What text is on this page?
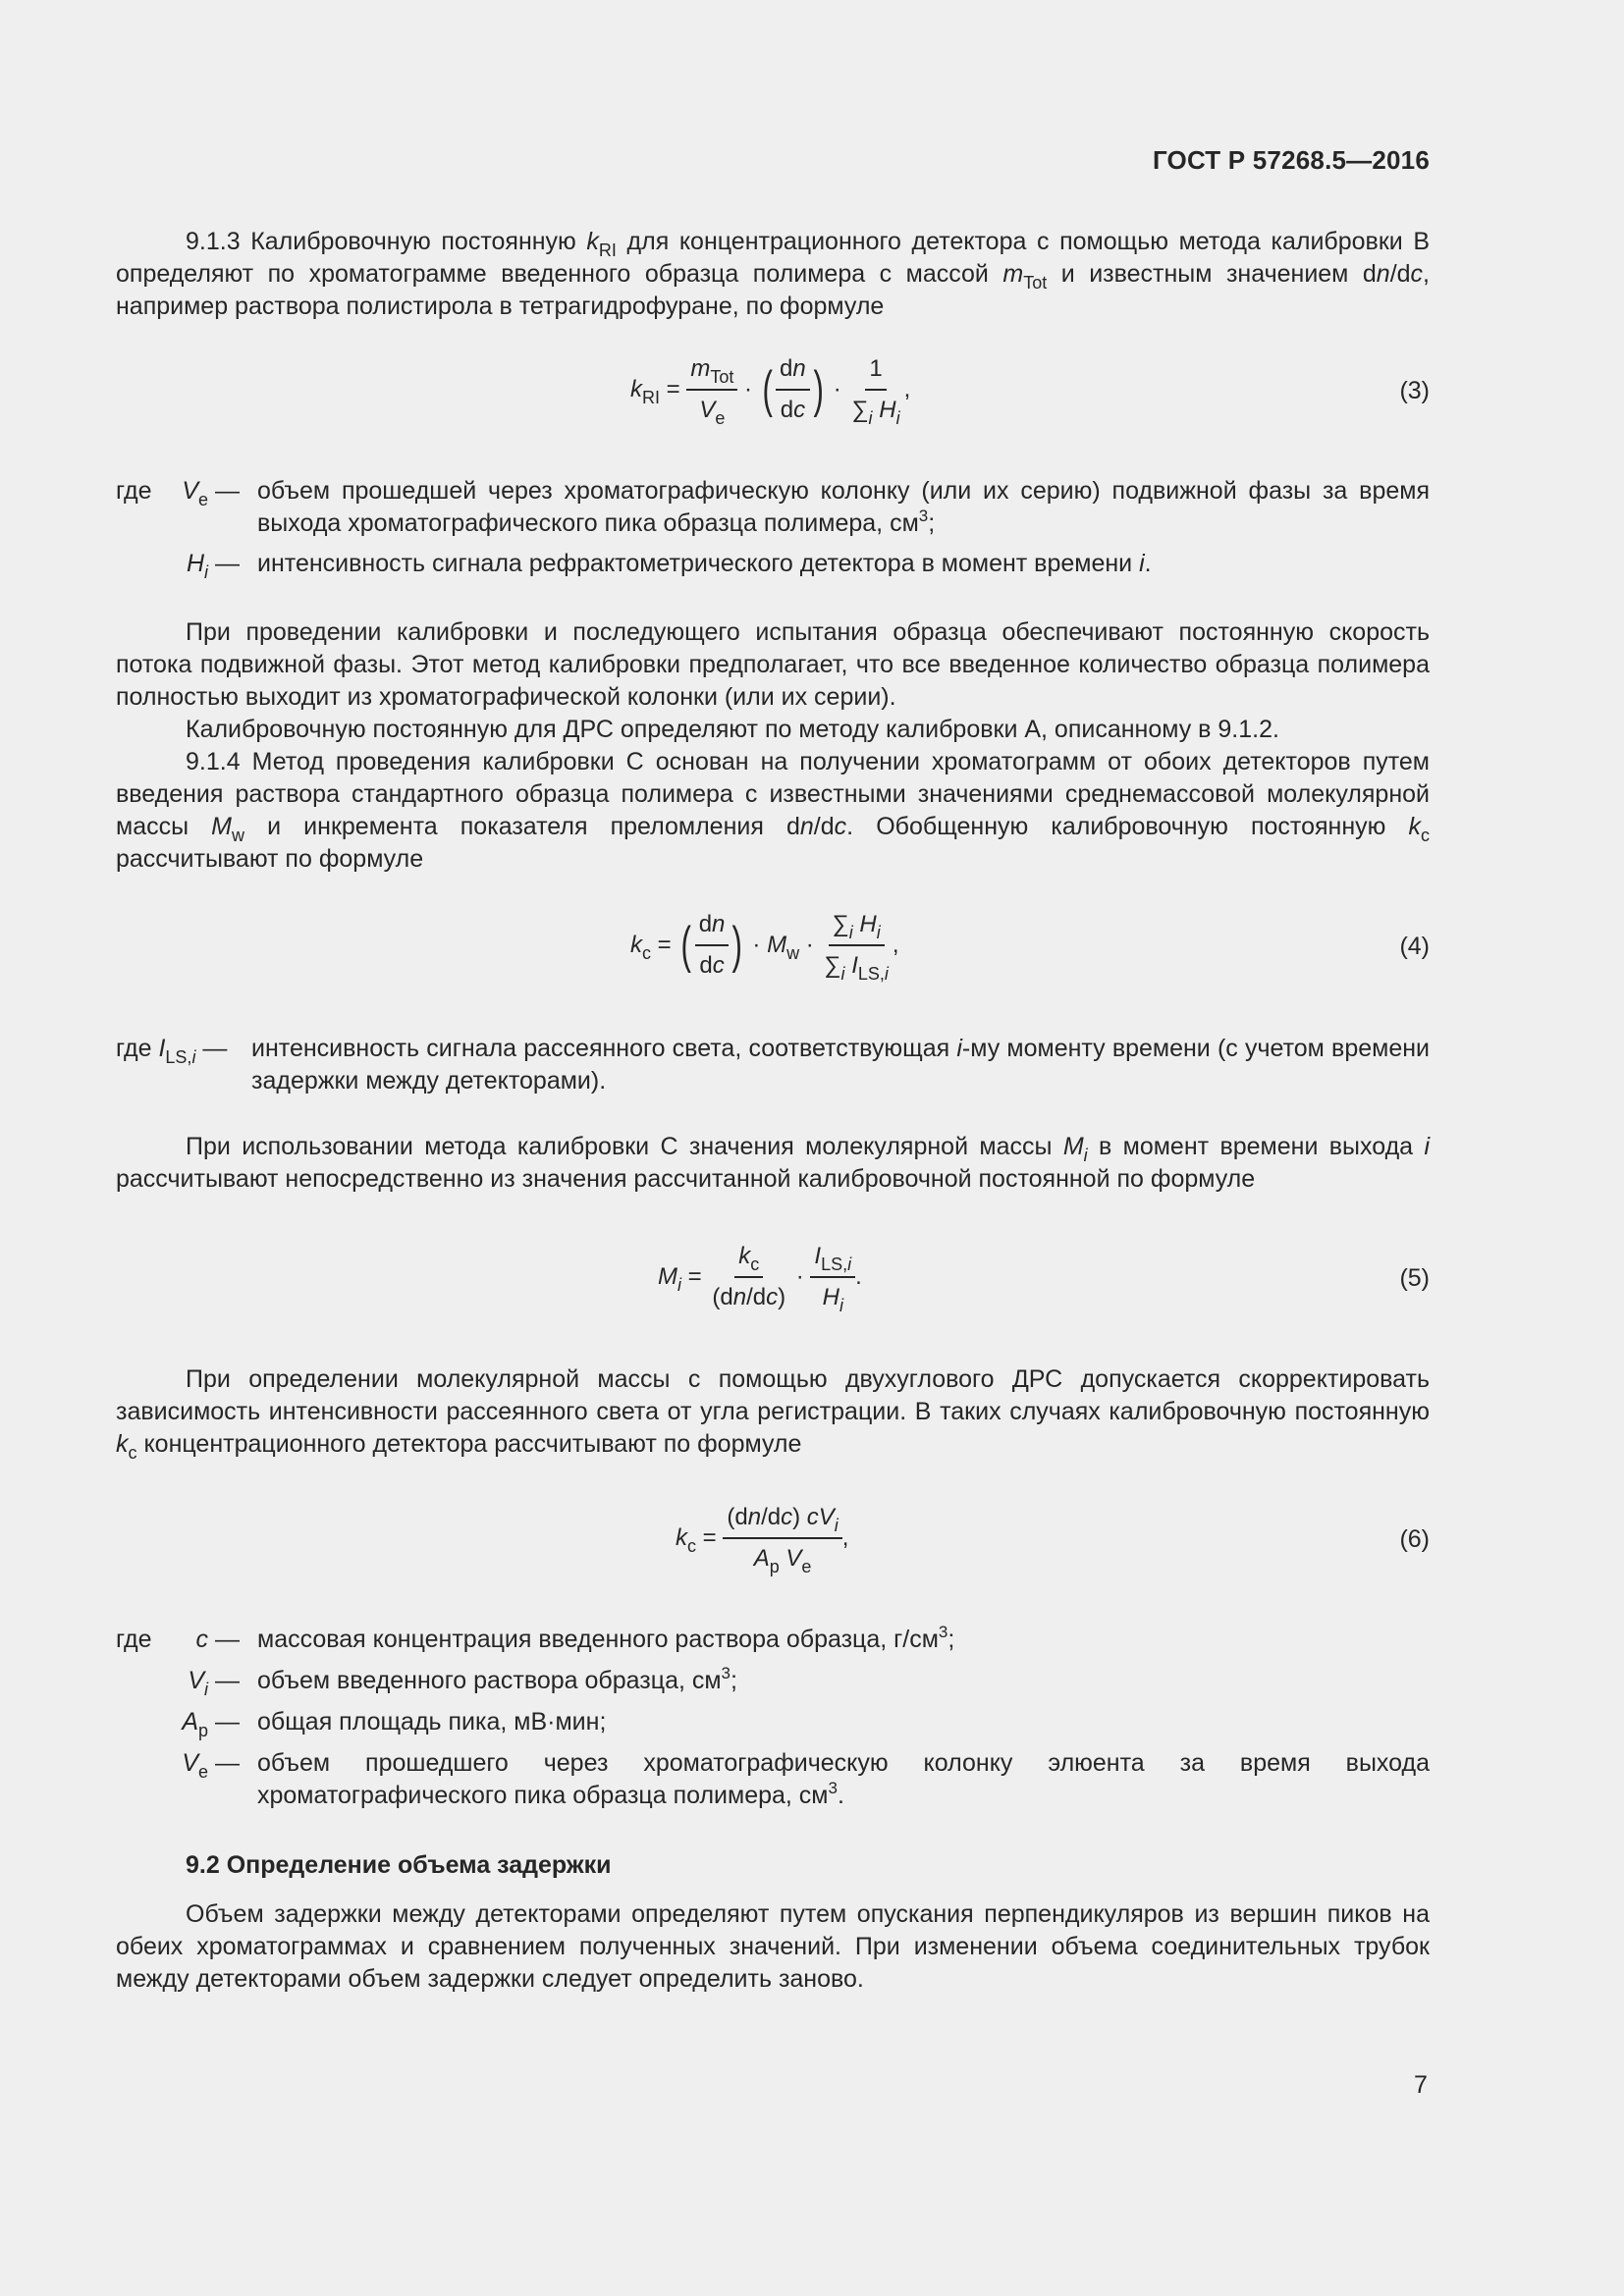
ГОСТ Р 57268.5—2016

9.1.3 Калибровочную постоянную $k_{RI}$ для концентрационного детектора с помощью метода калибровки В определяют по хроматограмме введенного образца полимера с массой $m_{Tot}$ и известным значением dn/dc, например раствора полистирола в тетрагидрофуране, по формуле

$k_{RI} = \frac{m_{Tot}}{V_e}$ · ( $\frac{dn}{dc}$ ) · $\frac{1}{\sum_i H_i}$ ,	(3)
где $V_e$ — объем прошедшей через хроматографическую колонку (или их серию) подвижной фазы за время выхода хроматографического пика образца полимера, $см^3$;
$H_i$ — интенсивность сигнала рефрактометрического детектора в момент времени i.

При проведении калибровки и последующего испытания образца обеспечивают постоянную скорость потока подвижной фазы. Этот метод калибровки предполагает, что все введенное количество образца полимера полностью выходит из хроматографической колонки (или их серии).

Калибровочную постоянную для ДРС определяют по методу калибровки А, описанному в 9.1.2.

9.1.4 Метод проведения калибровки С основан на получении хроматограмм от обоих детекторов путем введения раствора стандартного образца полимера с известными значениями среднемассовой молекулярной массы $M_w$ и инкремента показателя преломления dn/dc. Обобщенную калибровочную постоянную $k_c$ рассчитывают по формуле

$k_c$ = ( $\frac{dn}{dc}$ ) · $M_w \cdot \frac{\sum_i H_i}{\sum_i I_{LS,i}}$ ,	(4)
где $I_{LS,i}$ — интенсивность сигнала рассеянного света, соответствующая i-му моменту времени (с учетом времени задержки между детекторами).

При использовании метода калибровки С значения молекулярной массы $M_i$ в момент времени выхода i рассчитывают непосредственно из значения рассчитанной калибровочной постоянной по формуле

$M_i = \frac{k_c}{(dn/dc)} \cdot \frac{I_{LS,i}}{H_i}$ .	(5)

При определении молекулярной массы с помощью двухуглового ДРС допускается скорректировать зависимость интенсивности рассеянного света от угла регистрации. В таких случаях калибровочную постоянную $k_c$ концентрационного детектора рассчитывают по формуле

$k_c = \frac{(dn/dc) cV_i}{A_p V_e}$ ,	(6)
где	c — массовая концентрация введенного раствора образца, $г/см^3$;
$V_i$ — объем введенного раствора образца, $см^3$;
$A_p$ — общая площадь пика, мВ·мин;
$V_e$ — объем прошедшего через хроматографическую колонку элюента за время выхода хроматографического пика образца полимера, $см^3$.
9.2 Определение объема задержки

Объем задержки между детекторами определяют путем опускания перпендикуляров из вершин пиков на обеих хроматограммах и сравнением полученных значений. При изменении объема соединительных трубок между детекторами объем задержки следует определить заново.

7
